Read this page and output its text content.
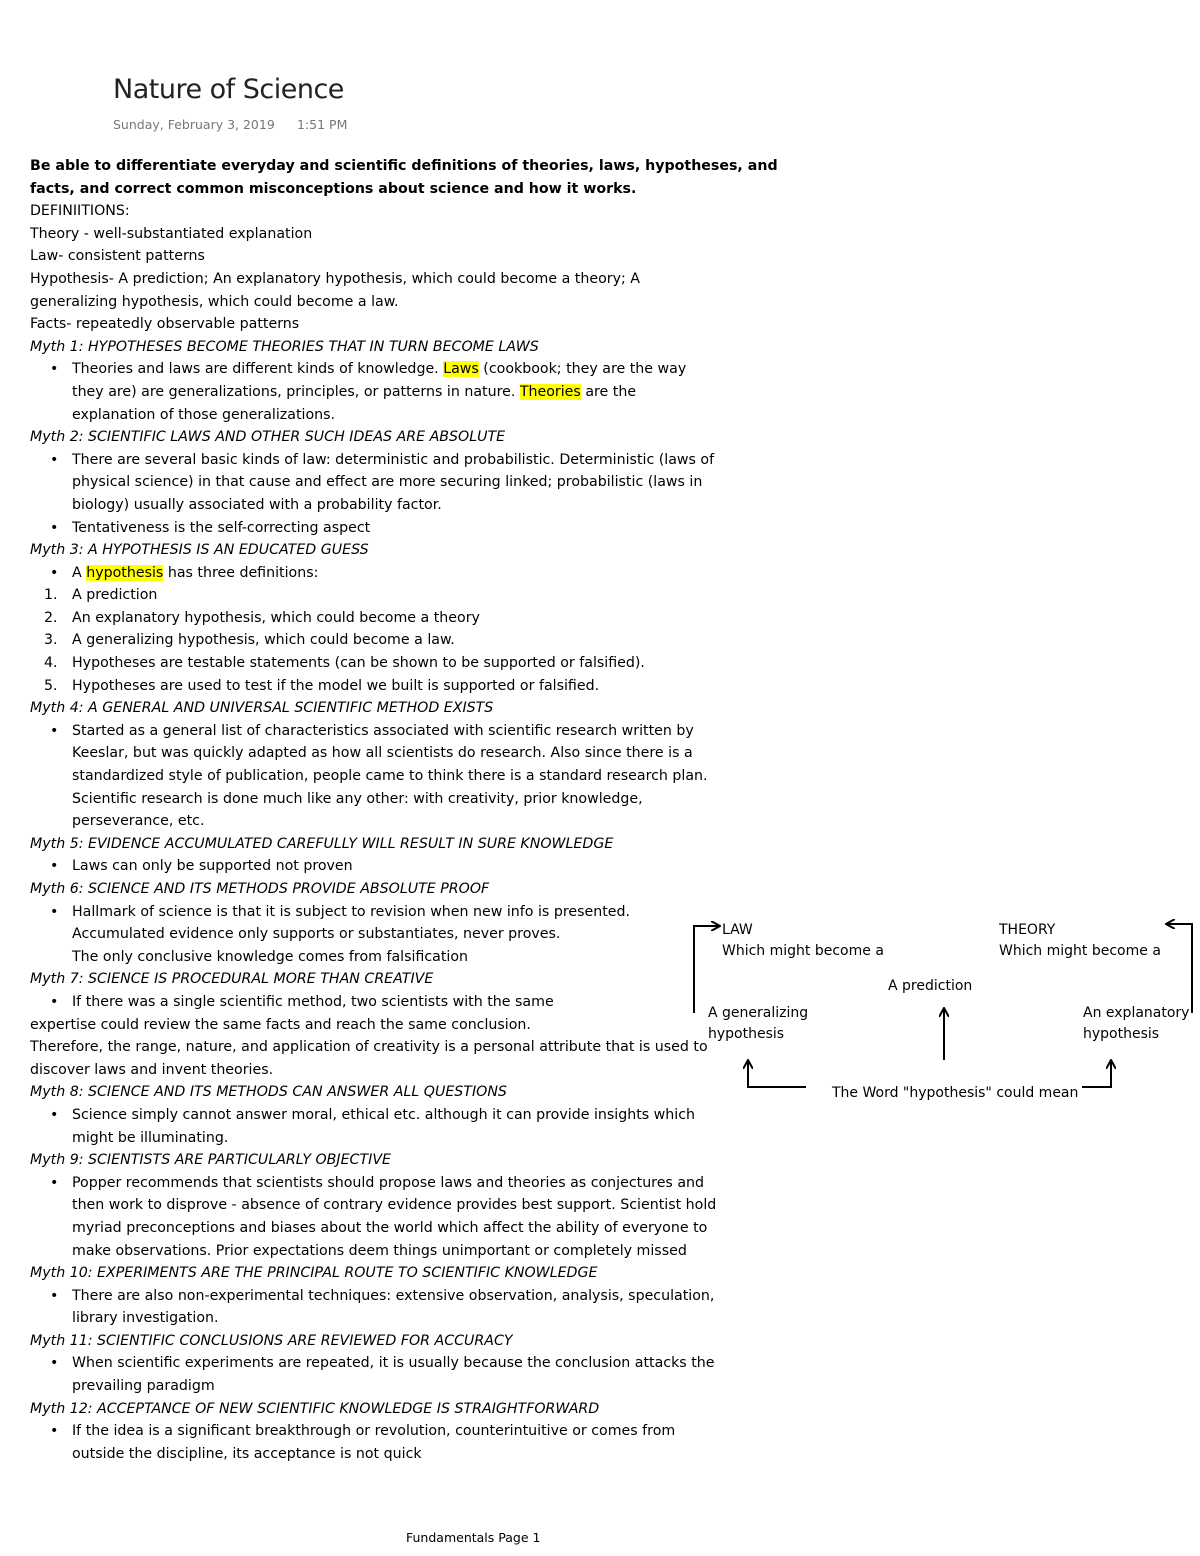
Nature of Science
Sunday, February 3, 2019 1:51 PM
Be able to differentiate everyday and scientific definitions of theories, laws, hypotheses, and
facts, and correct common misconceptions about science and how it works.
DEFINIITIONS:
Theory - well-substantiated explanation
Law- consistent patterns
Hypothesis- A prediction; An explanatory hypothesis, which could become a theory; A
generalizing hypothesis, which could become a law.
Facts- repeatedly observable patterns
Myth 1: HYPOTHESES BECOME THEORIES THAT IN TURN BECOME LAWS
• Theories and laws are different kinds of knowledge. Laws (cookbook; they are the way
they are) are generalizations, principles, or patterns in nature. Theories are the
explanation of those generalizations.
Myth 2: SCIENTIFIC LAWS AND OTHER SUCH IDEAS ARE ABSOLUTE
• There are several basic kinds of law: deterministic and probabilistic. Deterministic (laws of
physical science) in that cause and effect are more securing linked; probabilistic (laws in
biology) usually associated with a probability factor.
• Tentativeness is the self-correcting aspect
Myth 3: A HYPOTHESIS IS AN EDUCATED GUESS
• A hypothesis has three definitions:
1. A prediction
2. An explanatory hypothesis, which could become a theory
3. A generalizing hypothesis, which could become a law.
4. Hypotheses are testable statements (can be shown to be supported or falsified).
5. Hypotheses are used to test if the model we built is supported or falsified.
Myth 4: A GENERAL AND UNIVERSAL SCIENTIFIC METHOD EXISTS
• Started as a general list of characteristics associated with scientific research written by
Keeslar, but was quickly adapted as how all scientists do research. Also since there is a
standardized style of publication, people came to think there is a standard research plan.
Scientific research is done much like any other: with creativity, prior knowledge,
perseverance, etc.
Myth 5: EVIDENCE ACCUMULATED CAREFULLY WILL RESULT IN SURE KNOWLEDGE
• Laws can only be supported not proven
Myth 6: SCIENCE AND ITS METHODS PROVIDE ABSOLUTE PROOF
• Hallmark of science is that it is subject to revision when new info is presented.
Accumulated evidence only supports or substantiates, never proves.
The only conclusive knowledge comes from falsification
Myth 7: SCIENCE IS PROCEDURAL MORE THAN CREATIVE
• If there was a single scientific method, two scientists with the same
expertise could review the same facts and reach the same conclusion.
Therefore, the range, nature, and application of creativity is a personal attribute that is used to
discover laws and invent theories.
Myth 8: SCIENCE AND ITS METHODS CAN ANSWER ALL QUESTIONS
• Science simply cannot answer moral, ethical etc. although it can provide insights which
might be illuminating.
Myth 9: SCIENTISTS ARE PARTICULARLY OBJECTIVE
• Popper recommends that scientists should propose laws and theories as conjectures and
then work to disprove - absence of contrary evidence provides best support. Scientist hold
myriad preconceptions and biases about the world which affect the ability of everyone to
make observations. Prior expectations deem things unimportant or completely missed
Myth 10: EXPERIMENTS ARE THE PRINCIPAL ROUTE TO SCIENTIFIC KNOWLEDGE
• There are also non-experimental techniques: extensive observation, analysis, speculation,
library investigation.
Myth 11: SCIENTIFIC CONCLUSIONS ARE REVIEWED FOR ACCURACY
• When scientific experiments are repeated, it is usually because the conclusion attacks the
prevailing paradigm
Myth 12: ACCEPTANCE OF NEW SCIENTIFIC KNOWLEDGE IS STRAIGHTFORWARD
• If the idea is a significant breakthrough or revolution, counterintuitive or comes from
outside the discipline, its acceptance is not quick
LAW
Which might become a
THEORY
Which might become a
A prediction
A generalizing
hypothesis
An explanatory
hypothesis
The Word "hypothesis" could mean
Fundamentals Page 1
